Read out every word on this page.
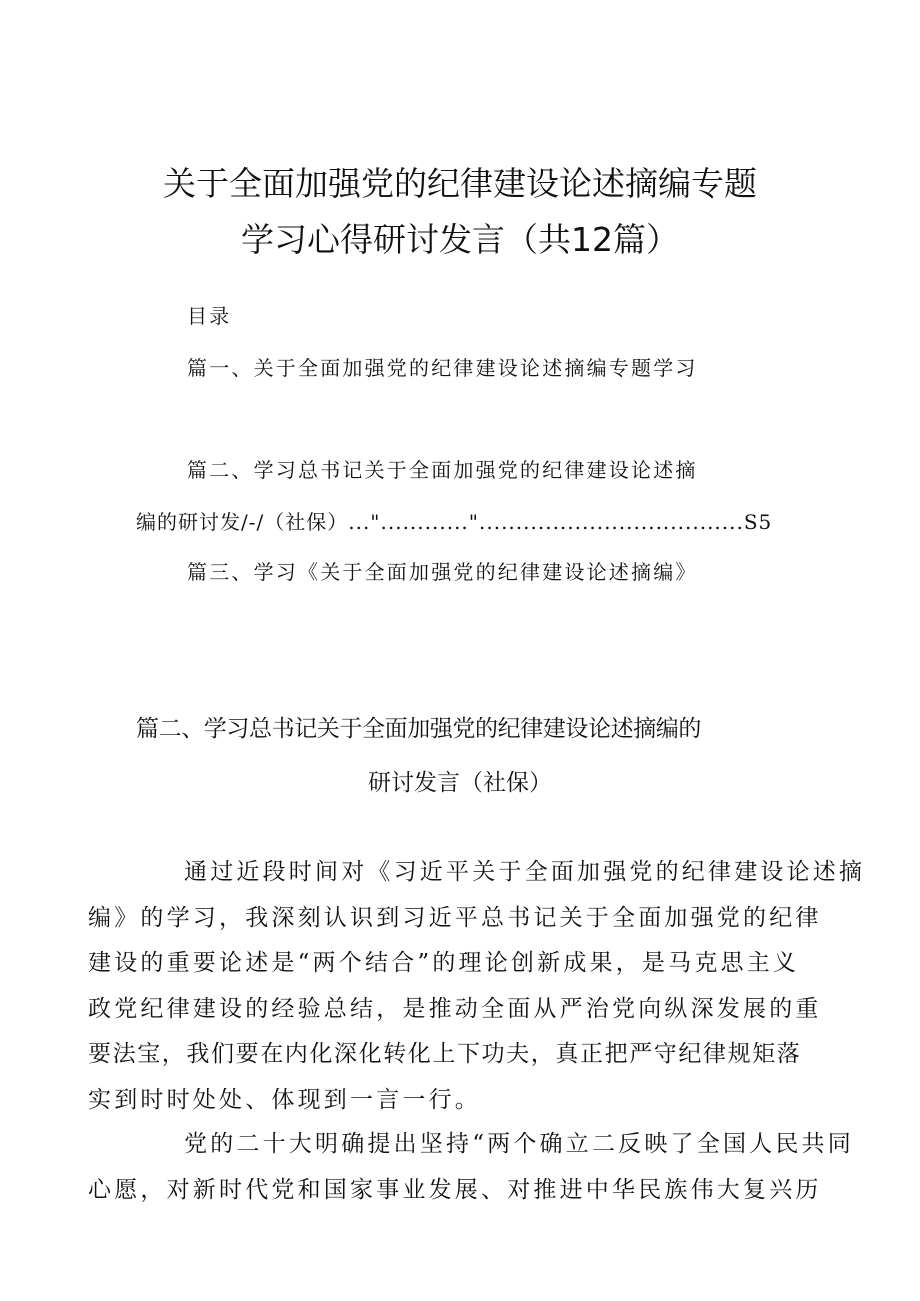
关于全面加强党的纪律建设论述摘编专题
学习心得研讨发言（共12篇）
目录
篇一、关于全面加强党的纪律建设论述摘编专题学习
篇二、学习总书记关于全面加强党的纪律建设论述摘
编的研讨发/-/（社保）..."............"....................................S5
篇三、学习《关于全面加强党的纪律建设论述摘编》
篇二、学习总书记关于全面加强党的纪律建设论述摘编的
研讨发言（社保）
通过近段时间对《习近平关于全面加强党的纪律建设论述摘
编》的学习，我深刻认识到习近平总书记关于全面加强党的纪律
建设的重要论述是“两个结合”的理论创新成果，是马克思主义
政党纪律建设的经验总结，是推动全面从严治党向纵深发展的重
要法宝，我们要在内化深化转化上下功夫，真正把严守纪律规矩落
实到时时处处、体现到一言一行。
党的二十大明确提出坚持“两个确立二反映了全国人民共同
心愿，对新时代党和国家事业发展、对推进中华民族伟大复兴历
